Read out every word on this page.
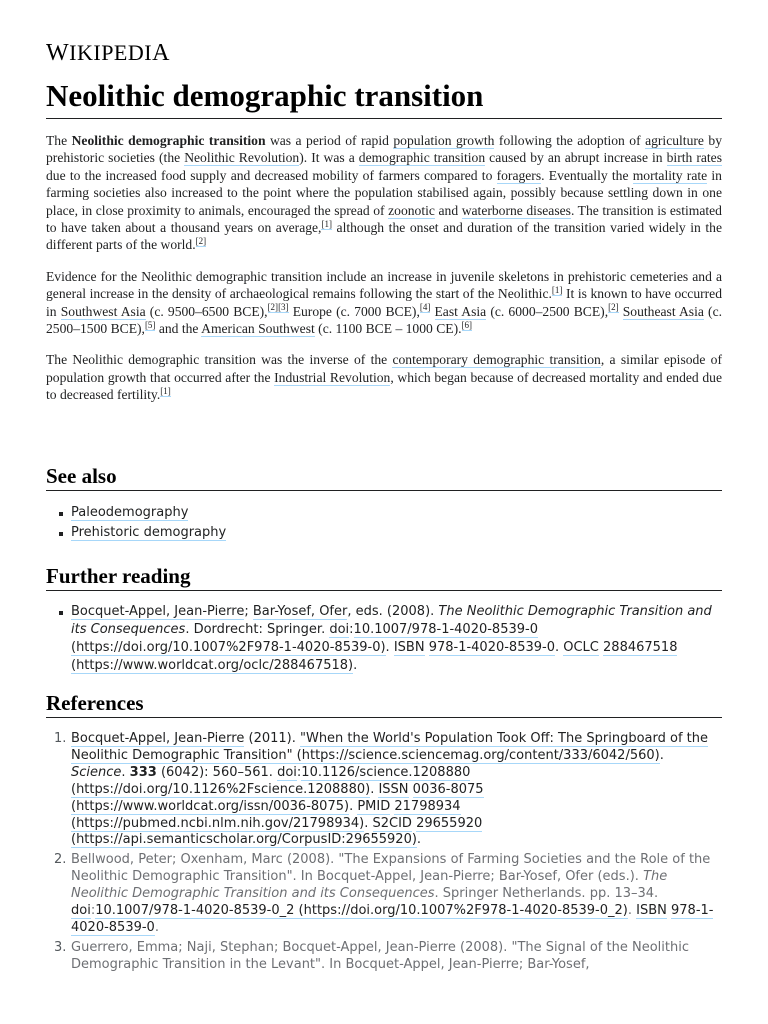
WIKIPEDIA
Neolithic demographic transition

The Neolithic demographic transition was a period of rapid population growth following the adoption of agriculture by prehistoric societies (the Neolithic Revolution). It was a demographic transition caused by an abrupt increase in birth rates due to the increased food supply and decreased mobility of farmers compared to foragers. Eventually the mortality rate in farming societies also increased to the point where the population stabilised again, possibly because settling down in one place, in close proximity to animals, encouraged the spread of zoonotic and waterborne diseases. The transition is estimated to have taken about a thousand years on average,[1] although the onset and duration of the transition varied widely in the different parts of the world.[2]

Evidence for the Neolithic demographic transition include an increase in juvenile skeletons in prehistoric cemeteries and a general increase in the density of archaeological remains following the start of the Neolithic.[1] It is known to have occurred in Southwest Asia (c. 9500–6500 BCE),[2][3] Europe (c. 7000 BCE),[4] East Asia (c. 6000–2500 BCE),[2] Southeast Asia (c. 2500–1500 BCE),[5] and the American Southwest (c. 1100 BCE – 1000 CE).[6]

The Neolithic demographic transition was the inverse of the contemporary demographic transition, a similar episode of population growth that occurred after the Industrial Revolution, which began because of decreased mortality and ended due to decreased fertility.[1]

See also
Paleodemography
Prehistoric demography
Further reading
Bocquet-Appel, Jean-Pierre; Bar-Yosef, Ofer, eds. (2008). The Neolithic Demographic Transition and its Consequences. Dordrecht: Springer. doi:10.1007/978-1-4020-8539-0 (https://doi.org/10.1007%2F978-1-4020-8539-0). ISBN 978-1-4020-8539-0. OCLC 288467518 (https://www.worldcat.org/oclc/288467518).
References
1. Bocquet-Appel, Jean-Pierre (2011). "When the World's Population Took Off: The Springboard of the Neolithic Demographic Transition" (https://science.sciencemag.org/content/333/6042/560). Science. 333 (6042): 560–561. doi:10.1126/science.1208880 (https://doi.org/10.1126%2Fscience.1208880). ISSN 0036-8075 (https://www.worldcat.org/issn/0036-8075). PMID 21798934 (https://pubmed.ncbi.nlm.nih.gov/21798934). S2CID 29655920 (https://api.semanticscholar.org/CorpusID:29655920).
2. Bellwood, Peter; Oxenham, Marc (2008). "The Expansions of Farming Societies and the Role of the Neolithic Demographic Transition". In Bocquet-Appel, Jean-Pierre; Bar-Yosef, Ofer (eds.). The Neolithic Demographic Transition and its Consequences. Springer Netherlands. pp. 13–34. doi:10.1007/978-1-4020-8539-0_2 (https://doi.org/10.1007%2F978-1-4020-8539-0_2). ISBN 978-1-4020-8539-0.
3. Guerrero, Emma; Naji, Stephan; Bocquet-Appel, Jean-Pierre (2008). "The Signal of the Neolithic Demographic Transition in the Levant". In Bocquet-Appel, Jean-Pierre; Bar-Yosef,
